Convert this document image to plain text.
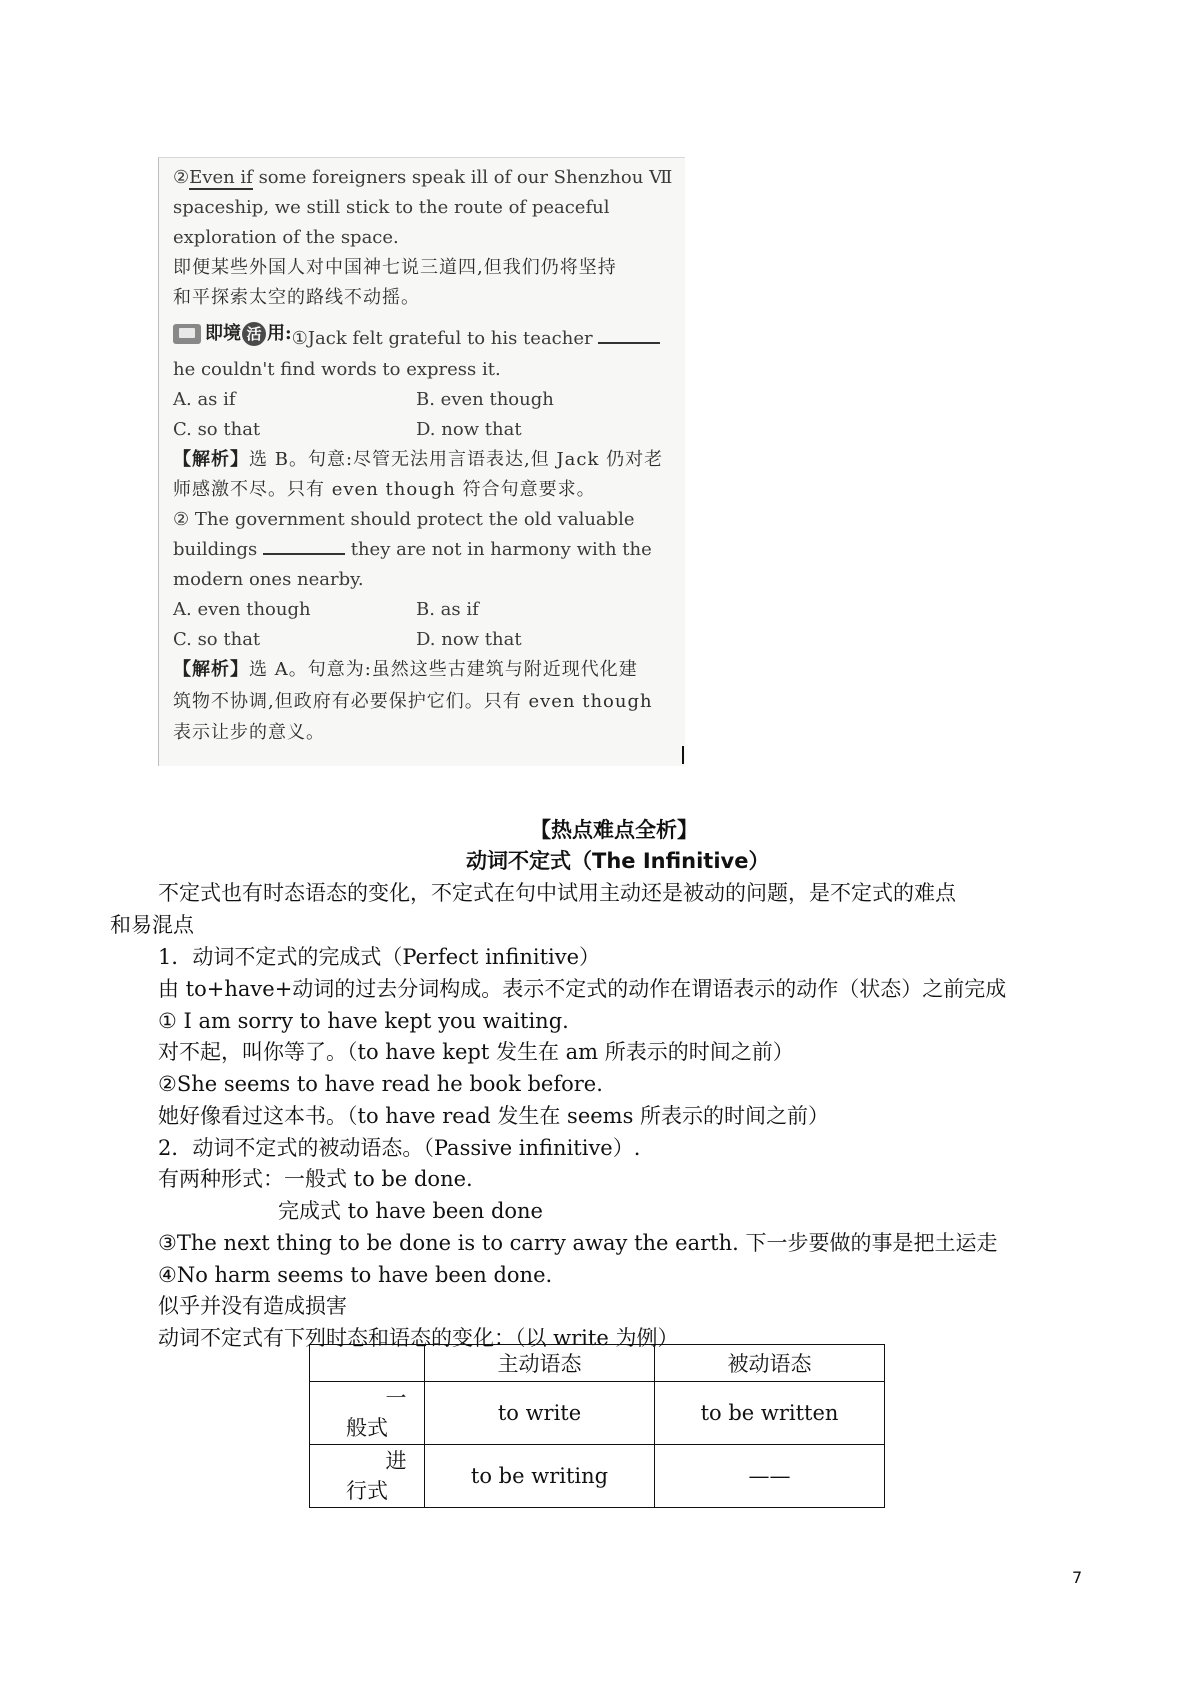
②Even if some foreigners speak ill of our Shenzhou Ⅶ
spaceship, we still stick to the route of peaceful
exploration of the space.
即便某些外国人对中国神七说三道四,但我们仍将坚持
和平探索太空的路线不动摇。
即境 活 用: ①Jack felt grateful to his teacher
he couldn't find words to express it.
A. as if	B. even though
C. so that	D. now that
【解析】选 B。句意:尽管无法用言语表达,但 Jack 仍对老
师感激不尽。只有 even though 符合句意要求。
② The government should protect the old valuable
buildings	they are not in harmony with the
modern ones nearby.
A. even though	B. as if
C. so that	D. now that
【解析】选 A。句意为:虽然这些古建筑与附近现代化建
筑物不协调,但政府有必要保护它们。只有 even though
表示让步的意义。
【热点难点全析】
动词不定式（The Infinitive）
不定式也有时态语态的变化，不定式在句中试用主动还是被动的问题，是不定式的难点
和易混点
1．动词不定式的完成式（Perfect infinitive）
由 to+have+动词的过去分词构成。表示不定式的动作在谓语表示的动作（状态）之前完成
① I am sorry to have kept you waiting.
对不起，叫你等了。（to have kept 发生在 am 所表示的时间之前）
②She seems to have read he book before.
她好像看过这本书。（to have read 发生在 seems 所表示的时间之前）
2．动词不定式的被动语态。（Passive infinitive）.
有两种形式：一般式 to be done.
完成式 to have been done
③The next thing to be done is to carry away the earth. 下一步要做的事是把土运走
④No harm seems to have been done.
似乎并没有造成损害
动词不定式有下列时态和语态的变化：（以 write 为例）
	主动语态	被动语态

一
般式	to write	to be written

进
行式	to be writing	——
7
